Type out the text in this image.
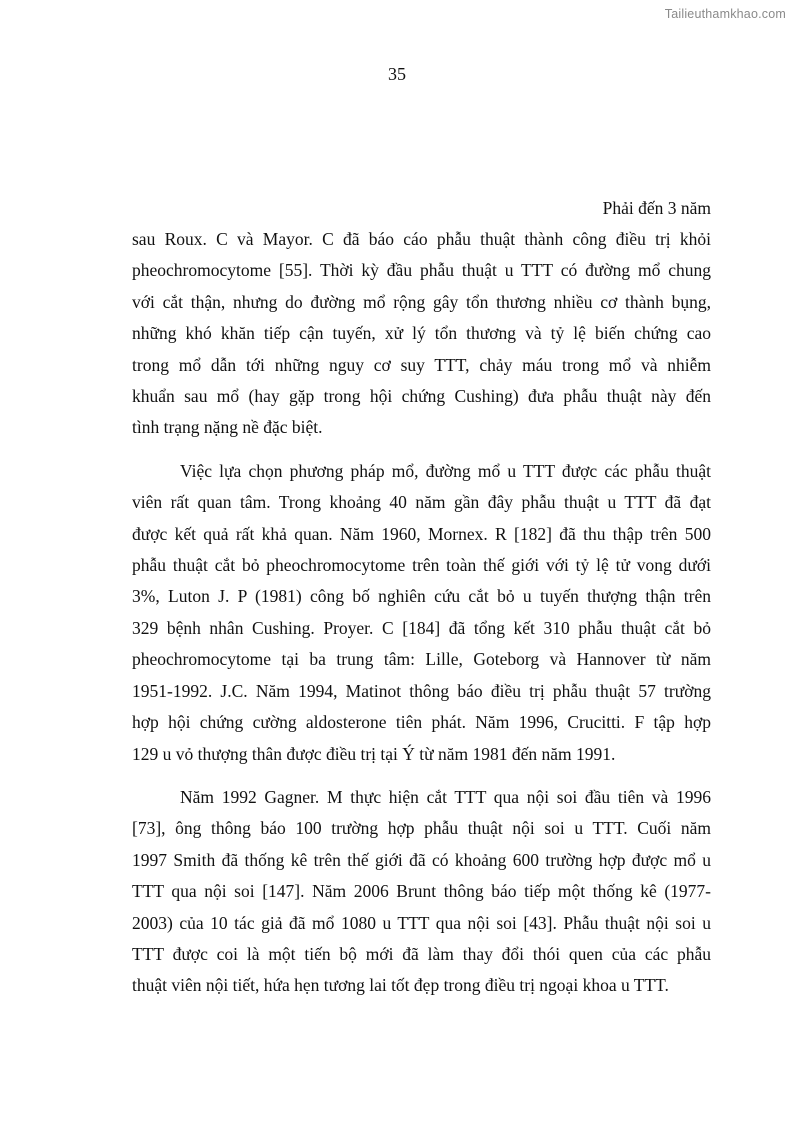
Tailieuthamkhao.com
35
Phải đến 3 năm
sau Roux. C và Mayor. C đã báo cáo phẫu thuật thành công điều trị khỏi
pheochromocytome [55]. Thời kỳ đầu phẫu thuật u TTT có đường mổ chung
với cắt thận, nhưng do đường mổ rộng gây tổn thương nhiều cơ thành bụng,
những khó khăn tiếp cận tuyến, xử lý tổn thương và tỷ lệ biến chứng cao
trong mổ dẫn tới những nguy cơ suy TTT, chảy máu trong mổ và nhiễm
khuẩn sau mổ (hay gặp trong hội chứng Cushing) đưa phẫu thuật này đến
tình trạng nặng nề đặc biệt.
Việc lựa chọn phương pháp mổ, đường mổ u TTT được các phẫu thuật
viên rất quan tâm. Trong khoảng 40 năm gần đây phẫu thuật u TTT đã đạt
được kết quả rất khả quan. Năm 1960, Mornex. R [182] đã thu thập trên 500
phẫu thuật cắt bỏ pheochromocytome trên toàn thế giới với tỷ lệ tử vong dưới
3%, Luton J. P (1981) công bố nghiên cứu cắt bỏ u tuyến thượng thận trên
329 bệnh nhân Cushing. Proyer. C [184] đã tổng kết 310 phẫu thuật cắt bỏ
pheochromocytome tại ba trung tâm: Lille, Goteborg và Hannover từ năm
1951-1992. J.C. Năm 1994, Matinot thông báo điều trị phẫu thuật 57 trường
hợp hội chứng cường aldosterone tiên phát. Năm 1996, Crucitti. F tập hợp
129 u vỏ thượng thân được điều trị tại Ý từ năm 1981 đến năm 1991.
Năm 1992 Gagner. M thực hiện cắt TTT qua nội soi đầu tiên và 1996
[73], ông thông báo 100 trường hợp phẫu thuật nội soi u TTT. Cuối năm
1997 Smith đã thống kê trên thế giới đã có khoảng 600 trường hợp được mổ u
TTT qua nội soi [147]. Năm 2006 Brunt thông báo tiếp một thống kê (1977-
2003) của 10 tác giả đã mổ 1080 u TTT qua nội soi [43]. Phẫu thuật nội soi u
TTT được coi là một tiến bộ mới đã làm thay đổi thói quen của các phẫu
thuật viên nội tiết, hứa hẹn tương lai tốt đẹp trong điều trị ngoại khoa u TTT.
